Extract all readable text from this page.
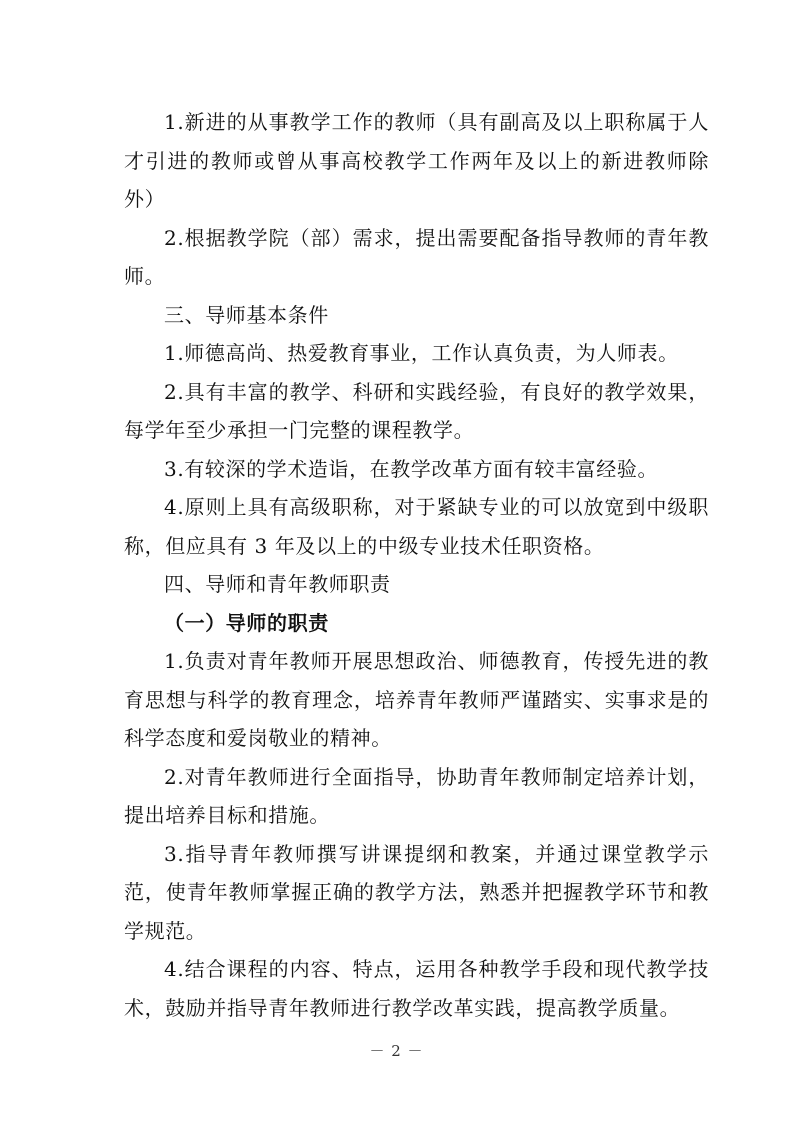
1.新进的从事教学工作的教师（具有副高及以上职称属于人才引进的教师或曾从事高校教学工作两年及以上的新进教师除外）

2.根据教学院（部）需求，提出需要配备指导教师的青年教师。

三、导师基本条件

1.师德高尚、热爱教育事业，工作认真负责，为人师表。

2.具有丰富的教学、科研和实践经验，有良好的教学效果，每学年至少承担一门完整的课程教学。

3.有较深的学术造诣，在教学改革方面有较丰富经验。

4.原则上具有高级职称，对于紧缺专业的可以放宽到中级职称，但应具有 3 年及以上的中级专业技术任职资格。

四、导师和青年教师职责

（一）导师的职责

1.负责对青年教师开展思想政治、师德教育，传授先进的教育思想与科学的教育理念，培养青年教师严谨踏实、实事求是的科学态度和爱岗敬业的精神。

2.对青年教师进行全面指导，协助青年教师制定培养计划，提出培养目标和措施。

3.指导青年教师撰写讲课提纲和教案，并通过课堂教学示范，使青年教师掌握正确的教学方法，熟悉并把握教学环节和教学规范。

4.结合课程的内容、特点，运用各种教学手段和现代教学技术，鼓励并指导青年教师进行教学改革实践，提高教学质量。

－ 2 －
